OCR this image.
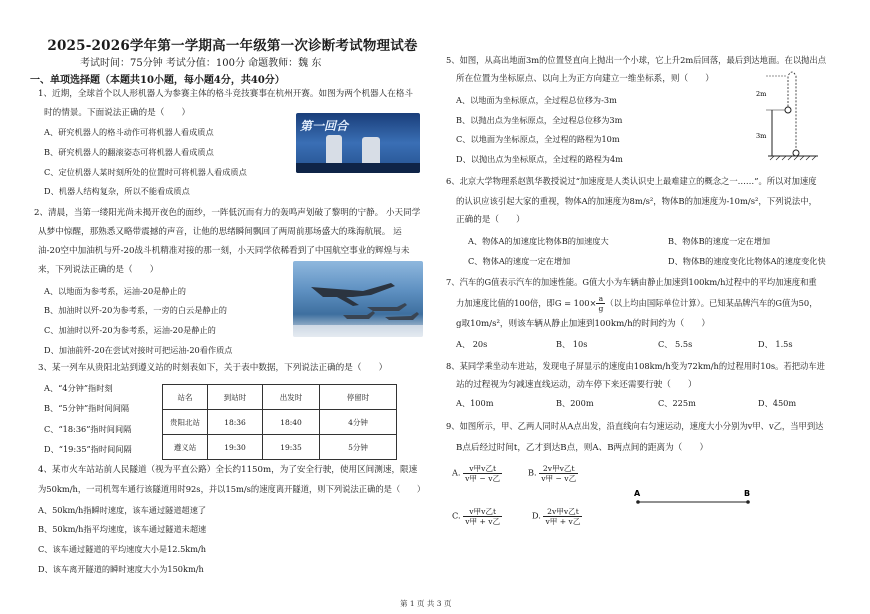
2025-2026学年第一学期高一年级第一次诊断考试物理试卷
考试时间：75分钟 考试分值：100分 命题教师：魏 东
一、单项选择题（本题共10小题，每小题4分，共40分）
1、近期，全球首个以人形机器人为参赛主体的格斗竞技赛事在杭州开赛。如图为两个机器人在格斗
时的情景。下面说法正确的是（　　）
A、研究机器人的格斗动作可将机器人看成质点
B、研究机器人的翻滚姿态可将机器人看成质点
C、定位机器人某时刻所处的位置时可将机器人看成质点
D、机器人结构复杂，所以不能看成质点
第一回合
2、清晨，当第一缕阳光尚未揭开夜色的面纱，一阵低沉而有力的轰鸣声划破了黎明的宁静。 小天同学
从梦中惊醒，那熟悉又略带震撼的声音，让他的思绪瞬间飘回了两周前那场盛大的珠海航展。 运
油-20空中加油机与歼-20战斗机精准对接的那一刻，小天同学依稀看到了中国航空事业的辉煌与未
来，下列说法正确的是（　　）
A、以地面为参考系，运油-20是静止的
B、加油时以歼-20为参考系，一旁的白云是静止的
C、加油时以歼-20为参考系，运油-20是静止的
D、加油前歼-20在尝试对接时可把运油-20看作质点
3、某一列车从贵阳北站到遵义站的时刻表如下，关于表中数据，下列说法正确的是（　　）
A、“4分钟”指时刻
B、“5分钟”指时间间隔
C、“18:36”指时间间隔
D、“19:35”指时间间隔
站名	到站时	出发时	停留时
贵阳北站	18:36	18:40	4分钟
遵义站	19:30	19:35	5分钟
4、某市火车站站前人民隧道（视为平直公路）全长约1150m，为了安全行驶，使用区间测速，限速
为50km/h，一司机驾车通行该隧道用时92s，并以15m/s的速度离开隧道，则下列说法正确的是（　　）
A、50km/h指瞬时速度，该车通过隧道超速了
B、50km/h指平均速度，该车通过隧道未超速
C、该车通过隧道的平均速度大小是12.5km/h
D、该车离开隧道的瞬时速度大小为150km/h
5、如图，从高出地面3m的位置竖直向上抛出一个小球，它上升2m后回落，最后到达地面。在以抛出点
所在位置为坐标原点、以向上为正方向建立一维坐标系，则（　　）
A、以地面为坐标原点，全过程总位移为-3m
B、以抛出点为坐标原点，全过程总位移为3m
C、以地面为坐标原点，全过程的路程为10m
D、以抛出点为坐标原点，全过程的路程为4m
2m
3m
6、北京大学物理系赵凯华教授说过“加速度是人类认识史上最难建立的概念之一……”。所以对加速度
的认识应该引起大家的重视，物体A的加速度为8m/s²，物体B的加速度为-10m/s²，下列说法中，
正确的是（　　）
A、物体A的加速度比物体B的加速度大	B、物体B的速度一定在增加
C、物体A的速度一定在增加	D、物体B的速度变化比物体A的速度变化快
7、汽车的G值表示汽车的加速性能。G值大小为车辆由静止加速到100km/h过程中的平均加速度和重
力加速度比值的100倍，即$G = 100\times \frac{a}{g}$ （以上均由国际单位计算）。已知某品牌汽车的G值为50，
g取10m/s²，则该车辆从静止加速到100km/h的时间约为（　　）
A、 20s	B、 10s	C、 5.5s	D、 1.5s
8、某同学乘坐动车进站，发现电子屏显示的速度由108km/h变为72km/h的过程用时10s。若把动车进
站的过程视为匀减速直线运动，动车停下来还需要行驶（　　）
A、100m	B、200m	C、225m	D、450m
9、如图所示，甲、乙两人同时从A点出发，沿直线向右匀速运动，速度大小分别为v甲、v乙，当甲到达
B点后经过时间t，乙才到达B点，则A、B两点间的距离为（　　）
A. $\frac{\text{v甲v乙t}}{\text{v甲 − v乙}}$	B. $\frac{\text{2v甲v乙t}}{\text{v甲 − v乙}}$
C. $\frac{\text{v甲v乙t}}{\text{v甲 + v乙}}$	D. $\frac{\text{2v甲v乙t}}{\text{v甲 + v乙}}$
A	B
第 1 页 共 3 页
